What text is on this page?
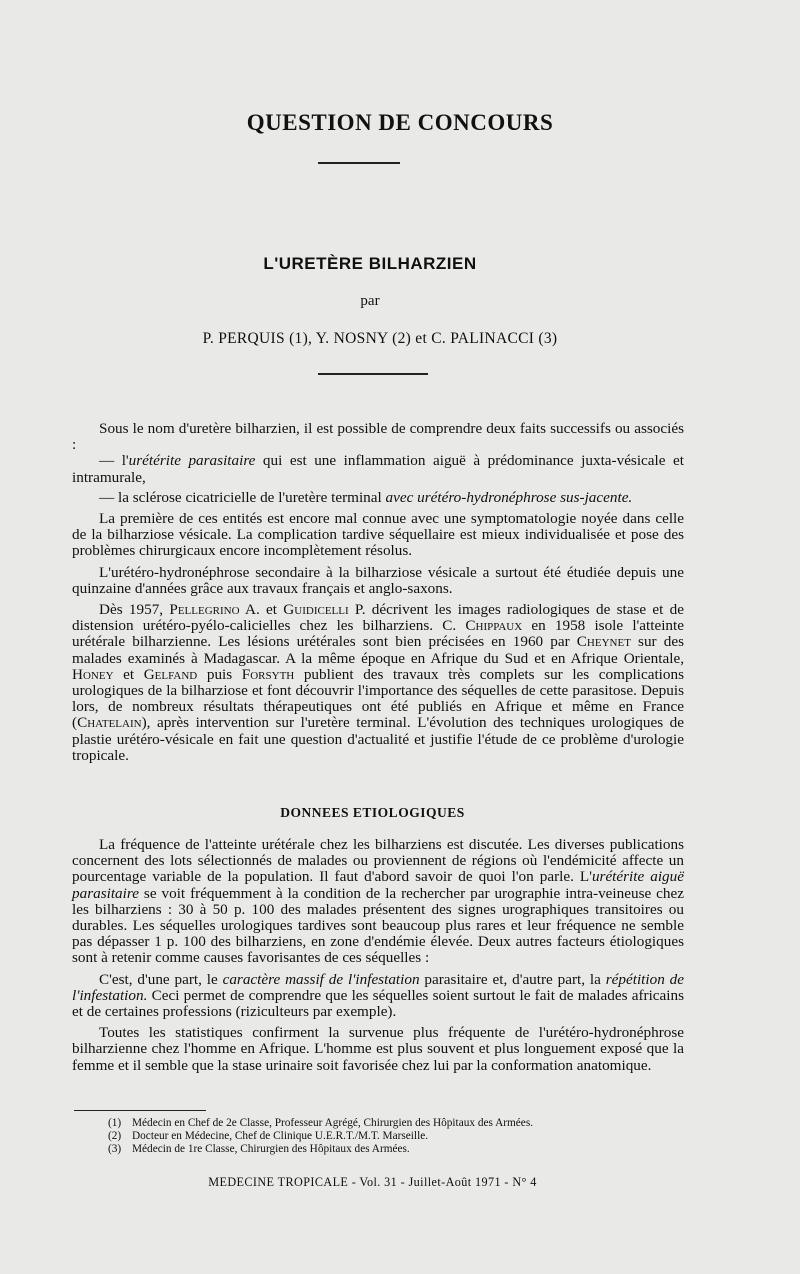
QUESTION DE CONCOURS
L'URETÈRE BILHARZIEN
par
P. PERQUIS (1), Y. NOSNY (2) et C. PALINACCI (3)

Sous le nom d'uretère bilharzien, il est possible de comprendre deux faits successifs ou associés :

— l'urétérite parasitaire qui est une inflammation aiguë à prédominance juxta-vésicale et intramurale,

— la sclérose cicatricielle de l'uretère terminal avec urétéro-hydronéphrose sus-jacente.

La première de ces entités est encore mal connue avec une symptomatologie noyée dans celle de la bilharziose vésicale. La complication tardive séquellaire est mieux individualisée et pose des problèmes chirurgicaux encore incomplètement résolus.

L'urétéro-hydronéphrose secondaire à la bilharziose vésicale a surtout été étudiée depuis une quinzaine d'années grâce aux travaux français et anglo-saxons.

Dès 1957, Pellegrino A. et Guidicelli P. décrivent les images radiologiques de stase et de distension urétéro-pyélo-calicielles chez les bilharziens. C. Chippaux en 1958 isole l'atteinte urétérale bilharzienne. Les lésions urétérales sont bien précisées en 1960 par Cheynet sur des malades examinés à Madagascar. A la même époque en Afrique du Sud et en Afrique Orientale, Honey et Gelfand puis Forsyth publient des travaux très complets sur les complications urologiques de la bilharziose et font découvrir l'importance des séquelles de cette parasitose. Depuis lors, de nombreux résultats thérapeutiques ont été publiés en Afrique et même en France (Chatelain), après intervention sur l'uretère terminal. L'évolution des techniques urologiques de plastie urétéro-vésicale en fait une question d'actualité et justifie l'étude de ce problème d'urologie tropicale.

DONNEES ETIOLOGIQUES

La fréquence de l'atteinte urétérale chez les bilharziens est discutée. Les diverses publications concernent des lots sélectionnés de malades ou proviennent de régions où l'endémicité affecte un pourcentage variable de la population. Il faut d'abord savoir de quoi l'on parle. L'urétérite aiguë parasitaire se voit fréquemment à la condition de la rechercher par urographie intra-veineuse chez les bilharziens : 30 à 50 p. 100 des malades présentent des signes urographiques transitoires ou durables. Les séquelles urologiques tardives sont beaucoup plus rares et leur fréquence ne semble pas dépasser 1 p. 100 des bilharziens, en zone d'endémie élevée. Deux autres facteurs étiologiques sont à retenir comme causes favorisantes de ces séquelles :

C'est, d'une part, le caractère massif de l'infestation parasitaire et, d'autre part, la répétition de l'infestation. Ceci permet de comprendre que les séquelles soient surtout le fait de malades africains et de certaines professions (riziculteurs par exemple).

Toutes les statistiques confirment la survenue plus fréquente de l'urétéro-hydronéphrose bilharzienne chez l'homme en Afrique. L'homme est plus souvent et plus longuement exposé que la femme et il semble que la stase urinaire soit favorisée chez lui par la conformation anatomique.

(1) Médecin en Chef de 2e Classe, Professeur Agrégé, Chirurgien des Hôpitaux des Armées.
(2) Docteur en Médecine, Chef de Clinique U.E.R.T./M.T. Marseille.
(3) Médecin de 1re Classe, Chirurgien des Hôpitaux des Armées.
MEDECINE TROPICALE - Vol. 31 - Juillet-Août 1971 - N° 4
